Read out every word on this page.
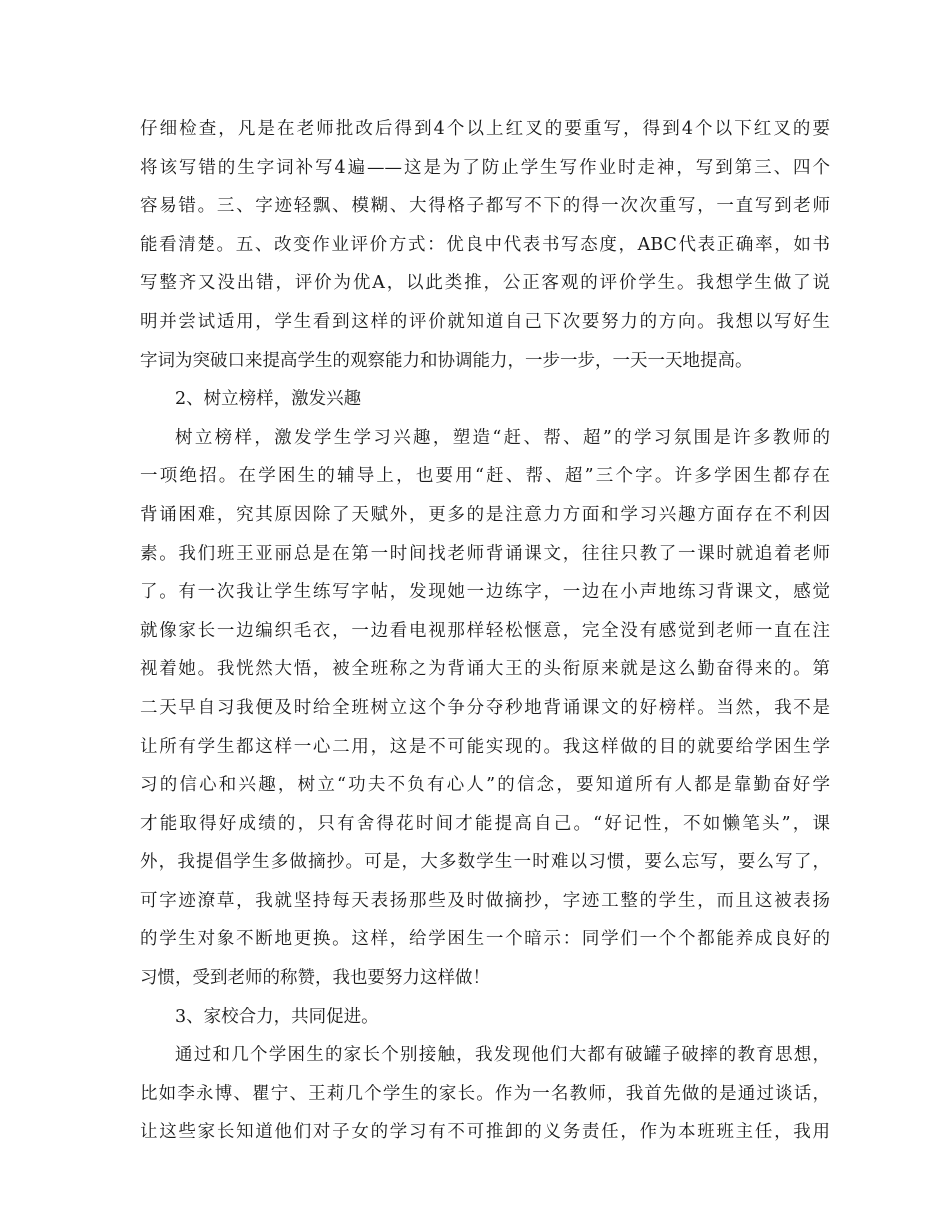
仔细检查，凡是在老师批改后得到4个以上红叉的要重写，得到4个以下红叉的要
将该写错的生字词补写4遍——这是为了防止学生写作业时走神，写到第三、四个
容易错。三、字迹轻飘、模糊、大得格子都写不下的得一次次重写，一直写到老师
能看清楚。五、改变作业评价方式：优良中代表书写态度，ABC代表正确率，如书
写整齐又没出错，评价为优A，以此类推，公正客观的评价学生。我想学生做了说
明并尝试适用，学生看到这样的评价就知道自己下次要努力的方向。我想以写好生
字词为突破口来提高学生的观察能力和协调能力，一步一步，一天一天地提高。
2、树立榜样，激发兴趣
树立榜样，激发学生学习兴趣，塑造“赶、帮、超”的学习氛围是许多教师的
一项绝招。在学困生的辅导上，也要用“赶、帮、超”三个字。许多学困生都存在
背诵困难，究其原因除了天赋外，更多的是注意力方面和学习兴趣方面存在不利因
素。我们班王亚丽总是在第一时间找老师背诵课文，往往只教了一课时就追着老师
了。有一次我让学生练写字帖，发现她一边练字，一边在小声地练习背课文，感觉
就像家长一边编织毛衣，一边看电视那样轻松惬意，完全没有感觉到老师一直在注
视着她。我恍然大悟，被全班称之为背诵大王的头衔原来就是这么勤奋得来的。第
二天早自习我便及时给全班树立这个争分夺秒地背诵课文的好榜样。当然，我不是
让所有学生都这样一心二用，这是不可能实现的。我这样做的目的就要给学困生学
习的信心和兴趣，树立“功夫不负有心人”的信念，要知道所有人都是靠勤奋好学
才能取得好成绩的，只有舍得花时间才能提高自己。“好记性，不如懒笔头”，课
外，我提倡学生多做摘抄。可是，大多数学生一时难以习惯，要么忘写，要么写了，
可字迹潦草，我就坚持每天表扬那些及时做摘抄，字迹工整的学生，而且这被表扬
的学生对象不断地更换。这样，给学困生一个暗示：同学们一个个都能养成良好的
习惯，受到老师的称赞，我也要努力这样做！
3、家校合力，共同促进。
通过和几个学困生的家长个别接触，我发现他们大都有破罐子破摔的教育思想，
比如李永博、瞿宁、王莉几个学生的家长。作为一名教师，我首先做的是通过谈话，
让这些家长知道他们对子女的学习有不可推卸的义务责任，作为本班班主任，我用
